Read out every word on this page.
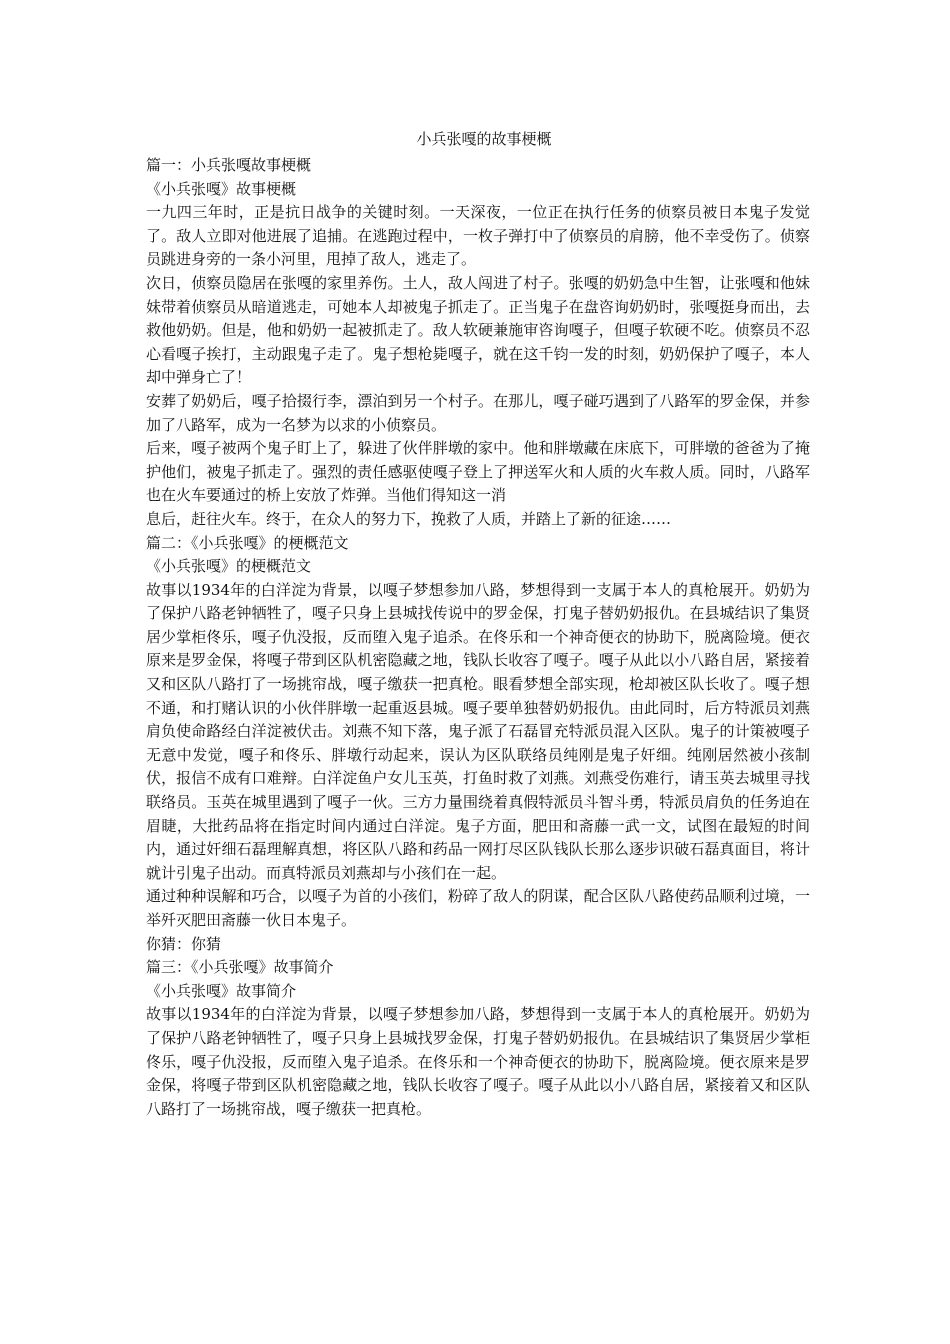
小兵张嘎的故事梗概
篇一：小兵张嘎故事梗概
《小兵张嘎》故事梗概
一九四三年时，正是抗日战争的关键时刻。一天深夜，一位正在执行任务的侦察员被日本鬼子发觉了。敌人立即对他进展了追捕。在逃跑过程中，一枚子弹打中了侦察员的肩膀，他不幸受伤了。侦察员跳进身旁的一条小河里，甩掉了敌人，逃走了。
次日，侦察员隐居在张嘎的家里养伤。土人，敌人闯进了村子。张嘎的奶奶急中生智，让张嘎和他妹妹带着侦察员从暗道逃走，可她本人却被鬼子抓走了。正当鬼子在盘咨询奶奶时，张嘎挺身而出，去救他奶奶。但是，他和奶奶一起被抓走了。敌人软硬兼施审咨询嘎子，但嘎子软硬不吃。侦察员不忍心看嘎子挨打，主动跟鬼子走了。鬼子想枪毙嘎子，就在这千钧一发的时刻，奶奶保护了嘎子，本人却中弹身亡了！
安葬了奶奶后，嘎子拾掇行李，漂泊到另一个村子。在那儿，嘎子碰巧遇到了八路军的罗金保，并参加了八路军，成为一名梦为以求的小侦察员。
后来，嘎子被两个鬼子盯上了，躲进了伙伴胖墩的家中。他和胖墩藏在床底下，可胖墩的爸爸为了掩护他们，被鬼子抓走了。强烈的责任感驱使嘎子登上了押送军火和人质的火车救人质。同时，八路军也在火车要通过的桥上安放了炸弹。当他们得知这一消
息后，赶往火车。终于，在众人的努力下，挽救了人质，并踏上了新的征途……
篇二：《小兵张嘎》的梗概范文
《小兵张嘎》的梗概范文
故事以1934年的白洋淀为背景，以嘎子梦想参加八路，梦想得到一支属于本人的真枪展开。奶奶为了保护八路老钟牺牲了，嘎子只身上县城找传说中的罗金保，打鬼子替奶奶报仇。在县城结识了集贤居少掌柜佟乐，嘎子仇没报，反而堕入鬼子追杀。在佟乐和一个神奇便衣的协助下，脱离险境。便衣原来是罗金保，将嘎子带到区队机密隐藏之地，钱队长收容了嘎子。嘎子从此以小八路自居，紧接着又和区队八路打了一场挑帘战，嘎子缴获一把真枪。眼看梦想全部实现，枪却被区队长收了。嘎子想不通，和打赌认识的小伙伴胖墩一起重返县城。嘎子要单独替奶奶报仇。由此同时，后方特派员刘燕肩负使命路经白洋淀被伏击。刘燕不知下落，鬼子派了石磊冒充特派员混入区队。鬼子的计策被嘎子无意中发觉，嘎子和佟乐、胖墩行动起来，误认为区队联络员纯刚是鬼子奸细。纯刚居然被小孩制伏，报信不成有口难辩。白洋淀鱼户女儿玉英，打鱼时救了刘燕。刘燕受伤难行，请玉英去城里寻找联络员。玉英在城里遇到了嘎子一伙。三方力量围绕着真假特派员斗智斗勇，特派员肩负的任务迫在眉睫，大批药品将在指定时间内通过白洋淀。鬼子方面，肥田和斋藤一武一文，试图在最短的时间内，通过奸细石磊理解真想，将区队八路和药品一网打尽区队钱队长那么逐步识破石磊真面目，将计就计引鬼子出动。而真特派员刘燕却与小孩们在一起。
通过种种误解和巧合，以嘎子为首的小孩们，粉碎了敌人的阴谋，配合区队八路使药品顺利过境，一举歼灭肥田斋藤一伙日本鬼子。
你猜：你猜
篇三：《小兵张嘎》故事简介
《小兵张嘎》故事简介
故事以1934年的白洋淀为背景，以嘎子梦想参加八路，梦想得到一支属于本人的真枪展开。奶奶为了保护八路老钟牺牲了，嘎子只身上县城找罗金保，打鬼子替奶奶报仇。在县城结识了集贤居少掌柜佟乐，嘎子仇没报，反而堕入鬼子追杀。在佟乐和一个神奇便衣的协助下，脱离险境。便衣原来是罗金保，将嘎子带到区队机密隐藏之地，钱队长收容了嘎子。嘎子从此以小八路自居，紧接着又和区队八路打了一场挑帘战，嘎子缴获一把真枪。
